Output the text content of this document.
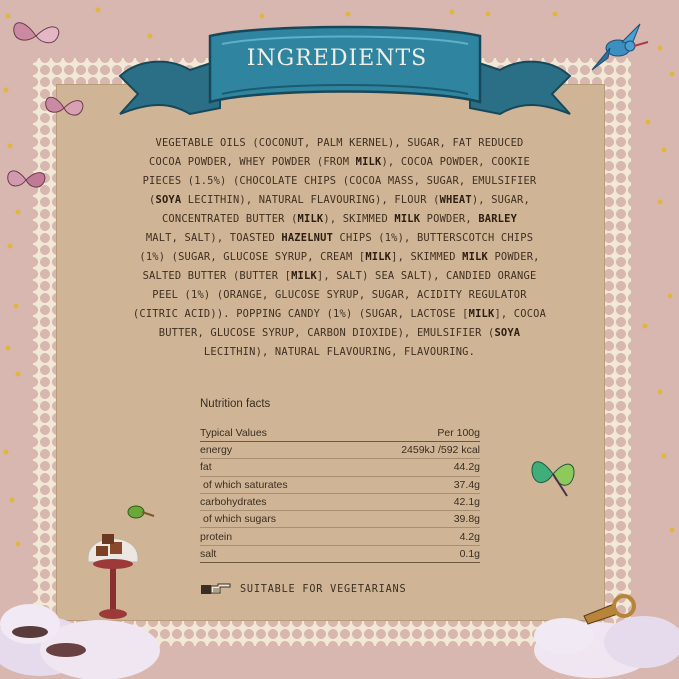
INGREDIENTS
VEGETABLE OILS (COCONUT, PALM KERNEL), SUGAR, FAT REDUCED
COCOA POWDER, WHEY POWDER (FROM MILK), COCOA POWDER, COOKIE
PIECES (1.5%) (CHOCOLATE CHIPS (COCOA MASS, SUGAR, EMULSIFIER
(SOYA LECITHIN), NATURAL FLAVOURING), FLOUR (WHEAT), SUGAR,
CONCENTRATED BUTTER (MILK), SKIMMED MILK POWDER, BARLEY
MALT, SALT), TOASTED HAZELNUT CHIPS (1%), BUTTERSCOTCH CHIPS
(1%) (SUGAR, GLUCOSE SYRUP, CREAM [MILK], SKIMMED MILK POWDER,
SALTED BUTTER (BUTTER [MILK], SALT) SEA SALT), CANDIED ORANGE
PEEL (1%) (ORANGE, GLUCOSE SYRUP, SUGAR, ACIDITY REGULATOR
(CITRIC ACID)). POPPING CANDY (1%) (SUGAR, LACTOSE [MILK], COCOA
BUTTER, GLUCOSE SYRUP, CARBON DIOXIDE), EMULSIFIER (SOYA
LECITHIN), NATURAL FLAVOURING, FLAVOURING.
Nutrition facts
Typical Values	Per 100g
energy	2459kJ /592 kcal
fat	44.2g
of which saturates	37.4g
carbohydrates	42.1g
of which sugars	39.8g
protein	4.2g
salt	0.1g
SUITABLE FOR VEGETARIANS
